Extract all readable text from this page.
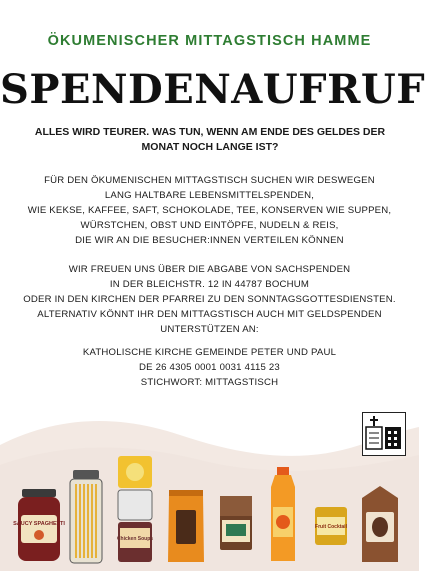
ÖKUMENISCHER MITTAGSTISCH HAMME
SPENDENAUFRUF
ALLES WIRD TEURER. WAS TUN, WENN AM ENDE DES GELDES DER
MONAT NOCH LANGE IST?
FÜR DEN ÖKUMENISCHEN MITTAGSTISCH SUCHEN WIR DESWEGEN
LANG HALTBARE LEBENSMITTELSPENDEN,
WIE KEKSE, KAFFEE, SAFT, SCHOKOLADE, TEE, KONSERVEN WIE SUPPEN,
WÜRSTCHEN, OBST UND EINTÖPFE, NUDELN & REIS,
DIE WIR AN DIE BESUCHER:INNEN VERTEILEN KÖNNEN
WIR FREUEN UNS ÜBER DIE ABGABE VON SACHSPENDEN
IN DER BLEICHSTR. 12 IN 44787 BOCHUM
ODER IN DEN KIRCHEN DER PFARREI ZU DEN SONNTAGSGOTTESDIENSTEN.
ALTERNATIV KÖNNT IHR DEN MITTAGSTISCH AUCH MIT GELDSPENDEN
UNTERSTÜTZEN AN:
KATHOLISCHE KIRCHE GEMEINDE PETER UND PAUL
DE 26 4305 0001 0031 4115 23
STICHWORT: MITTAGSTISCH
SAUCY SPAGHETTI
Chicken Soups
Fruit Cocktail
